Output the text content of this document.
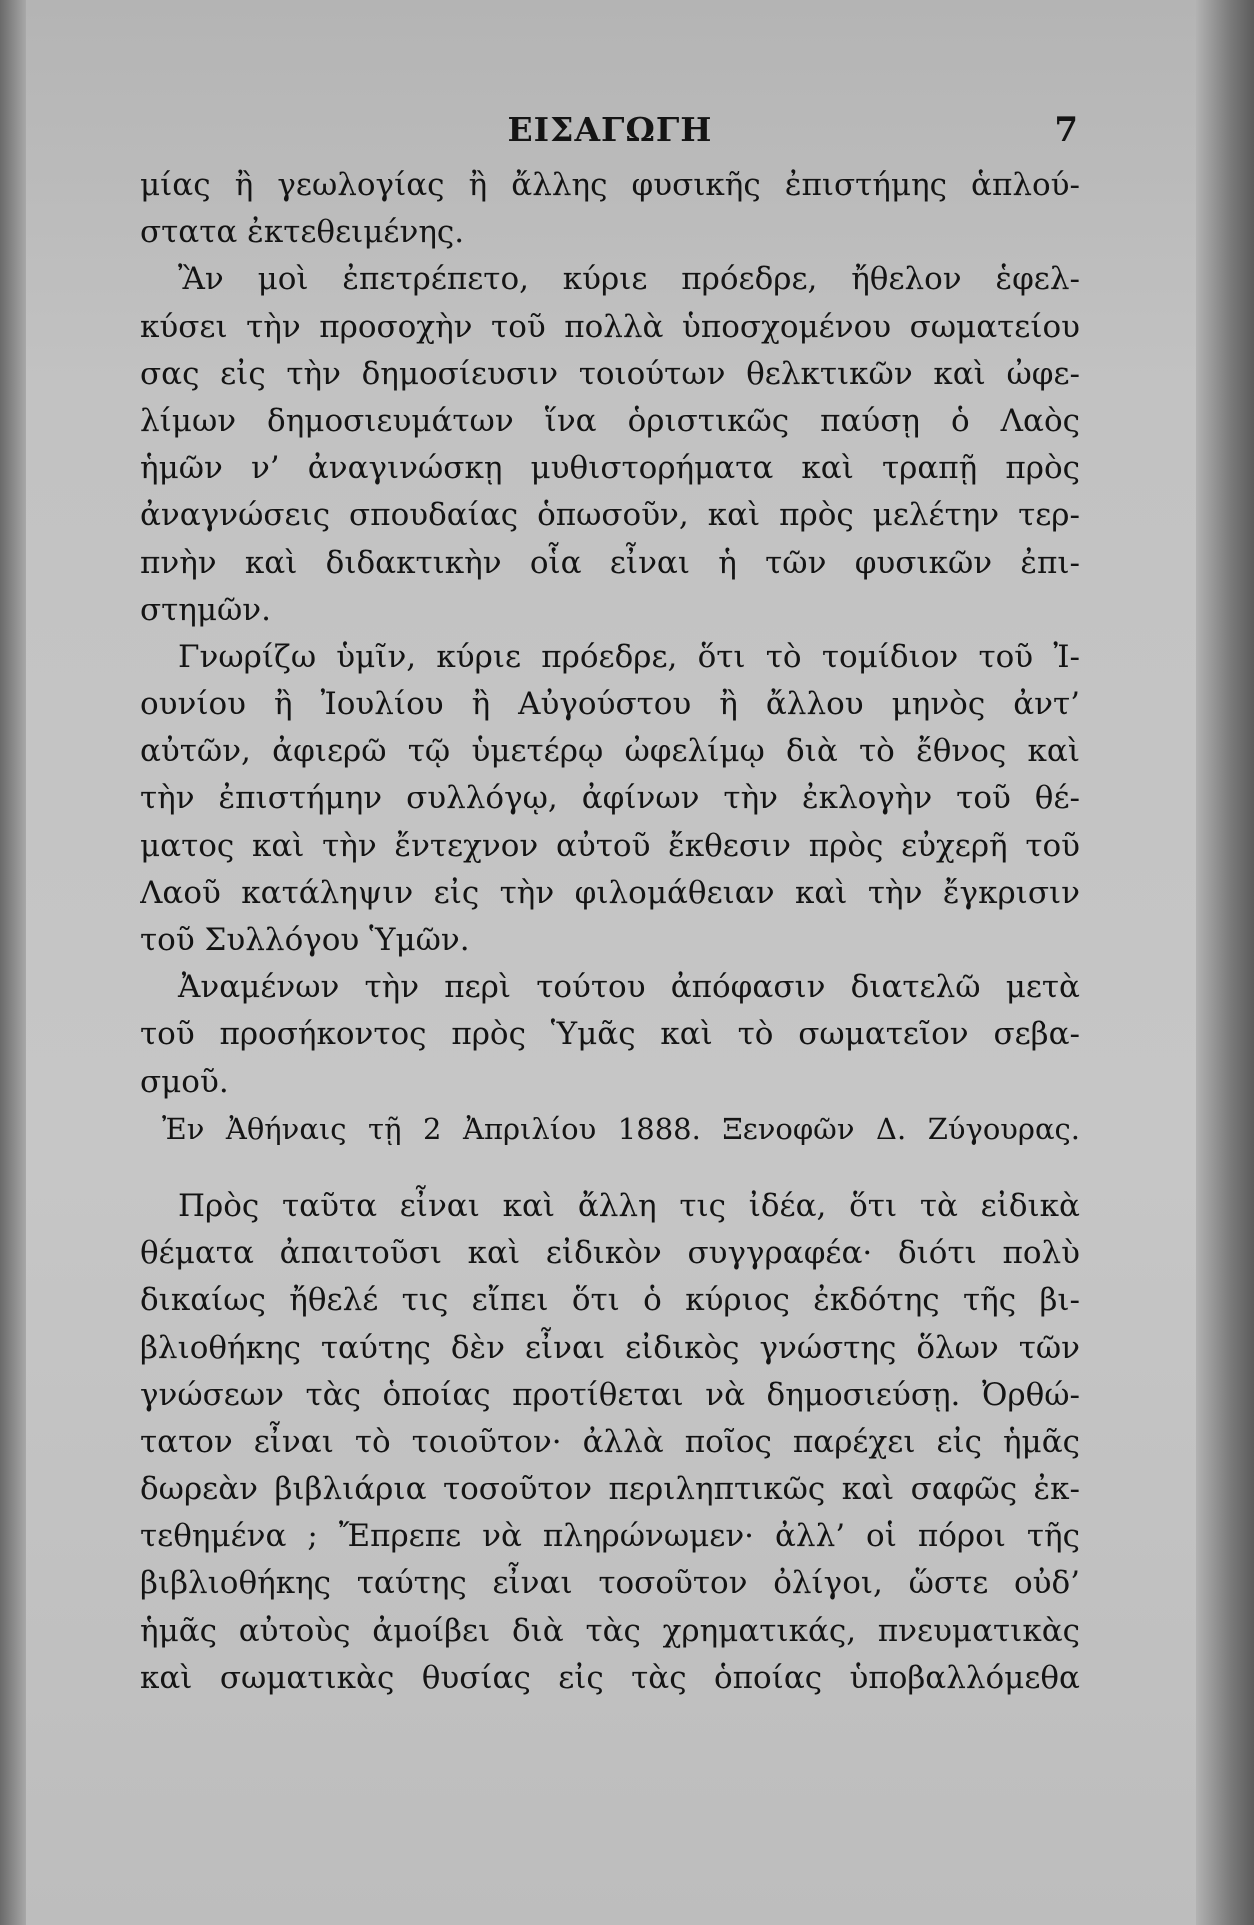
ΕΙΣΑΓΩΓΗ	7
μίας ἢ γεωλογίας ἢ ἄλλης φυσικῆς ἐπιστήμης ἁπλού-
στατα ἐκτεθειμένης.
Ἂν μοὶ ἐπετρέπετο, κύριε πρόεδρε, ἤθελον ἑφελ-
κύσει τὴν προσοχὴν τοῦ πολλὰ ὑποσχομένου σωματείου
σας εἰς τὴν δημοσίευσιν τοιούτων θελκτικῶν καὶ ὠφε-
λίμων δημοσιευμάτων ἵνα ὁριστικῶς παύσῃ ὁ Λαὸς
ἡμῶν ν’ ἀναγινώσκῃ μυθιστορήματα καὶ τραπῇ πρὸς
ἀναγνώσεις σπουδαίας ὁπωσοῦν, καὶ πρὸς μελέτην τερ-
πνὴν καὶ διδακτικὴν οἷα εἶναι ἡ τῶν φυσικῶν ἐπι-
στημῶν.
Γνωρίζω ὑμῖν, κύριε πρόεδρε, ὅτι τὸ τομίδιον τοῦ Ἰ-
ουνίου ἢ Ἰουλίου ἢ Αὐγούστου ἢ ἄλλου μηνὸς ἀντ’
αὐτῶν, ἀφιερῶ τῷ ὑμετέρῳ ὠφελίμῳ διὰ τὸ ἔθνος καὶ
τὴν ἐπιστήμην συλλόγῳ, ἀφίνων τὴν ἐκλογὴν τοῦ θέ-
ματος καὶ τὴν ἔντεχνον αὐτοῦ ἔκθεσιν πρὸς εὐχερῆ τοῦ
Λαοῦ κατάληψιν εἰς τὴν φιλομάθειαν καὶ τὴν ἔγκρισιν
τοῦ Συλλόγου Ὑμῶν.
Ἀναμένων τὴν περὶ τούτου ἀπόφασιν διατελῶ μετὰ
τοῦ προσήκοντος πρὸς Ὑμᾶς καὶ τὸ σωματεῖον σεβα-
σμοῦ.
Ἐν Ἀθήναις τῇ 2 Ἀπριλίου 1888. Ξενοφῶν Δ. Ζύγουρας.
Πρὸς ταῦτα εἶναι καὶ ἄλλη τις ἰδέα, ὅτι τὰ εἰδικὰ
θέματα ἀπαιτοῦσι καὶ εἰδικὸν συγγραφέα· διότι πολὺ
δικαίως ἤθελέ τις εἴπει ὅτι ὁ κύριος ἐκδότης τῆς βι-
βλιοθήκης ταύτης δὲν εἶναι εἰδικὸς γνώστης ὅλων τῶν
γνώσεων τὰς ὁποίας προτίθεται νὰ δημοσιεύσῃ. Ὀρθώ-
τατον εἶναι τὸ τοιοῦτον· ἀλλὰ ποῖος παρέχει εἰς ἡμᾶς
δωρεὰν βιβλιάρια τοσοῦτον περιληπτικῶς καὶ σαφῶς ἐκ-
τεθημένα ; Ἔπρεπε νὰ πληρώνωμεν· ἀλλ’ οἱ πόροι τῆς
βιβλιοθήκης ταύτης εἶναι τοσοῦτον ὀλίγοι, ὥστε οὐδ’
ἡμᾶς αὐτοὺς ἀμοίβει διὰ τὰς χρηματικάς, πνευματικὰς
καὶ σωματικὰς θυσίας εἰς τὰς ὁποίας ὑποβαλλόμεθα
